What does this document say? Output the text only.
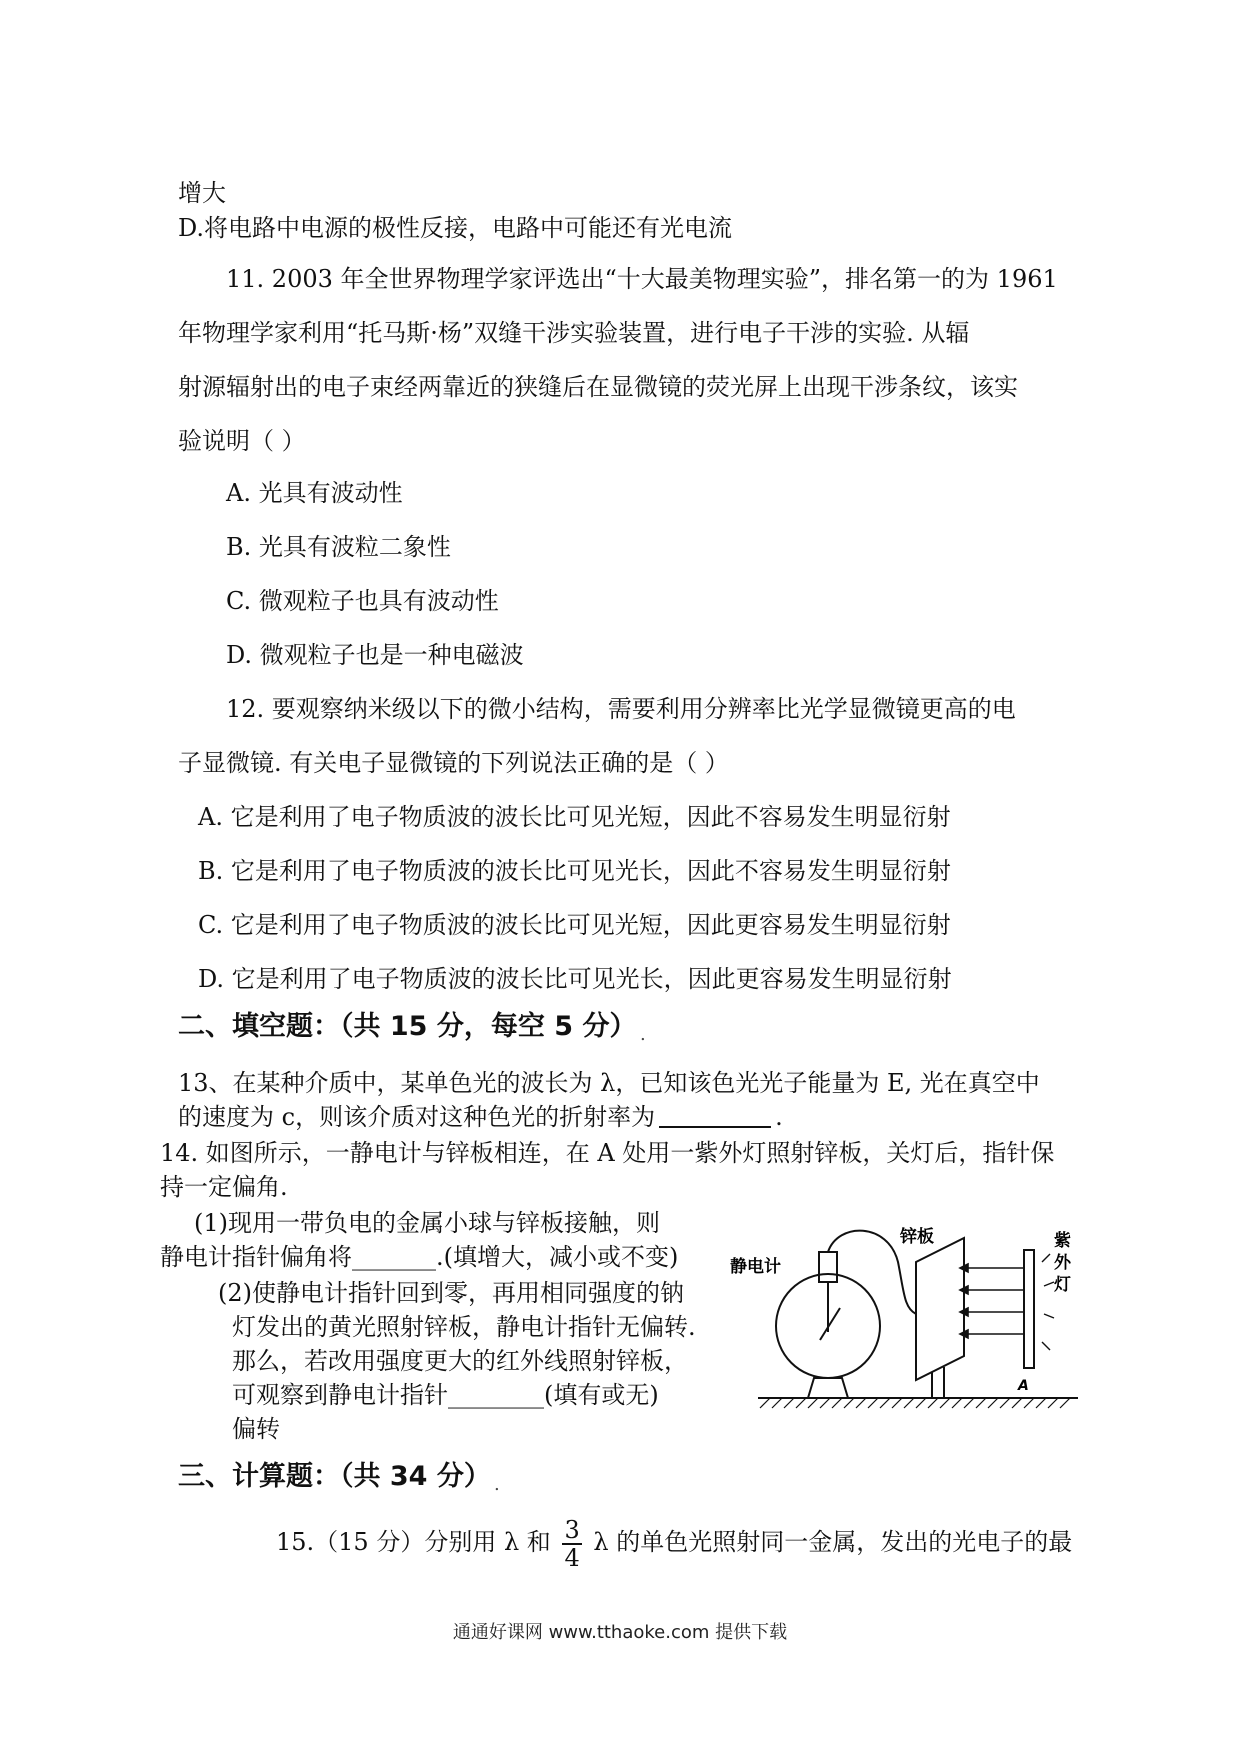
增大
D.将电路中电源的极性反接，电路中可能还有光电流
11. 2003 年全世界物理学家评选出“十大最美物理实验”，排名第一的为 1961
年物理学家利用“托马斯·杨”双缝干涉实验装置，进行电子干涉的实验. 从辐
射源辐射出的电子束经两靠近的狭缝后在显微镜的荧光屏上出现干涉条纹，该实
验说明（ ）
A. 光具有波动性
B. 光具有波粒二象性
C. 微观粒子也具有波动性
D. 微观粒子也是一种电磁波
12. 要观察纳米级以下的微小结构，需要利用分辨率比光学显微镜更高的电
子显微镜. 有关电子显微镜的下列说法正确的是（ ）
A. 它是利用了电子物质波的波长比可见光短，因此不容易发生明显衍射
B. 它是利用了电子物质波的波长比可见光长，因此不容易发生明显衍射
C. 它是利用了电子物质波的波长比可见光短，因此更容易发生明显衍射
D. 它是利用了电子物质波的波长比可见光长，因此更容易发生明显衍射
二、填空题：（共 15 分，每空 5 分） .
13、在某种介质中，某单色光的波长为 λ，已知该色光光子能量为 E, 光在真空中
的速度为 c，则该介质对这种色光的折射率为	.
14. 如图所示，一静电计与锌板相连，在 A 处用一紫外灯照射锌板，关灯后，指针保
持一定偏角.
(1)现用一带负电的金属小球与锌板接触，则
静电计指针偏角将_______.(填增大，减小或不变)
(2)使静电计指针回到零，再用相同强度的钠
灯发出的黄光照射锌板，静电计指针无偏转.
那么，若改用强度更大的红外线照射锌板，
可观察到静电计指针________(填有或无)
偏转
锌板
静电计
紫
外
灯
A
三、计算题：（共 34 分） .
15.（15 分）分别用 λ 和 $\frac{3}{4}$ λ 的单色光照射同一金属，发出的光电子的最
通通好课网 www.tthaoke.com 提供下载
